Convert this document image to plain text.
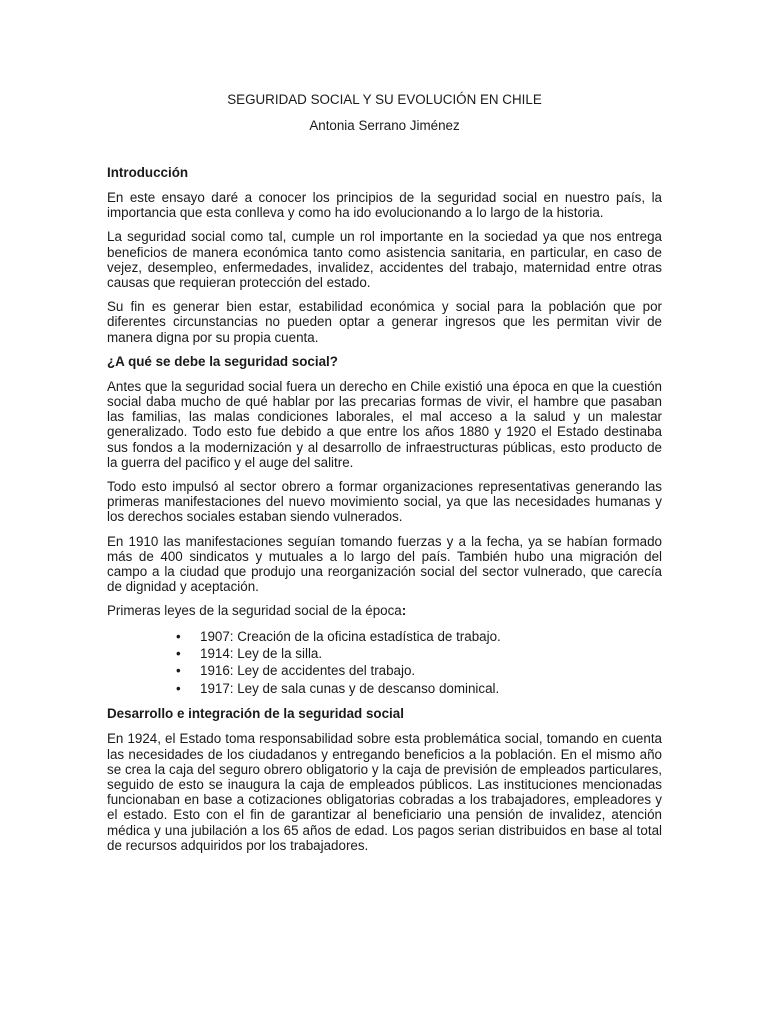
SEGURIDAD SOCIAL Y SU EVOLUCIÓN EN CHILE

Antonia Serrano Jiménez

Introducción

En este ensayo daré a conocer los principios de la seguridad social en nuestro país, la importancia que esta conlleva y como ha ido evolucionando a lo largo de la historia.

La seguridad social como tal, cumple un rol importante en la sociedad ya que nos entrega beneficios de manera económica tanto como asistencia sanitaria, en particular, en caso de vejez, desempleo, enfermedades, invalidez, accidentes del trabajo, maternidad entre otras causas que requieran protección del estado.

Su fin es generar bien estar, estabilidad económica y social para la población que por diferentes circunstancias no pueden optar a generar ingresos que les permitan vivir de manera digna por su propia cuenta.

¿A qué se debe la seguridad social?

Antes que la seguridad social fuera un derecho en Chile existió una época en que la cuestión social daba mucho de qué hablar por las precarias formas de vivir, el hambre que pasaban las familias, las malas condiciones laborales, el mal acceso a la salud y un malestar generalizado. Todo esto fue debido a que entre los años 1880 y 1920 el Estado destinaba sus fondos a la modernización y al desarrollo de infraestructuras públicas, esto producto de la guerra del pacifico y el auge del salitre.

Todo esto impulsó al sector obrero a formar organizaciones representativas generando las primeras manifestaciones del nuevo movimiento social, ya que las necesidades humanas y los derechos sociales estaban siendo vulnerados.

En 1910 las manifestaciones seguían tomando fuerzas y a la fecha, ya se habían formado más de 400 sindicatos y mutuales a lo largo del país. También hubo una migración del campo a la ciudad que produjo una reorganización social del sector vulnerado, que carecía de dignidad y aceptación.

Primeras leyes de la seguridad social de la época:

• 1907: Creación de la oficina estadística de trabajo.
• 1914: Ley de la silla.
• 1916: Ley de accidentes del trabajo.
• 1917: Ley de sala cunas y de descanso dominical.
Desarrollo e integración de la seguridad social

En 1924, el Estado toma responsabilidad sobre esta problemática social, tomando en cuenta las necesidades de los ciudadanos y entregando beneficios a la población. En el mismo año se crea la caja del seguro obrero obligatorio y la caja de previsión de empleados particulares, seguido de esto se inaugura la caja de empleados públicos. Las instituciones mencionadas funcionaban en base a cotizaciones obligatorias cobradas a los trabajadores, empleadores y el estado. Esto con el fin de garantizar al beneficiario una pensión de invalidez, atención médica y una jubilación a los 65 años de edad. Los pagos serian distribuidos en base al total de recursos adquiridos por los trabajadores.
